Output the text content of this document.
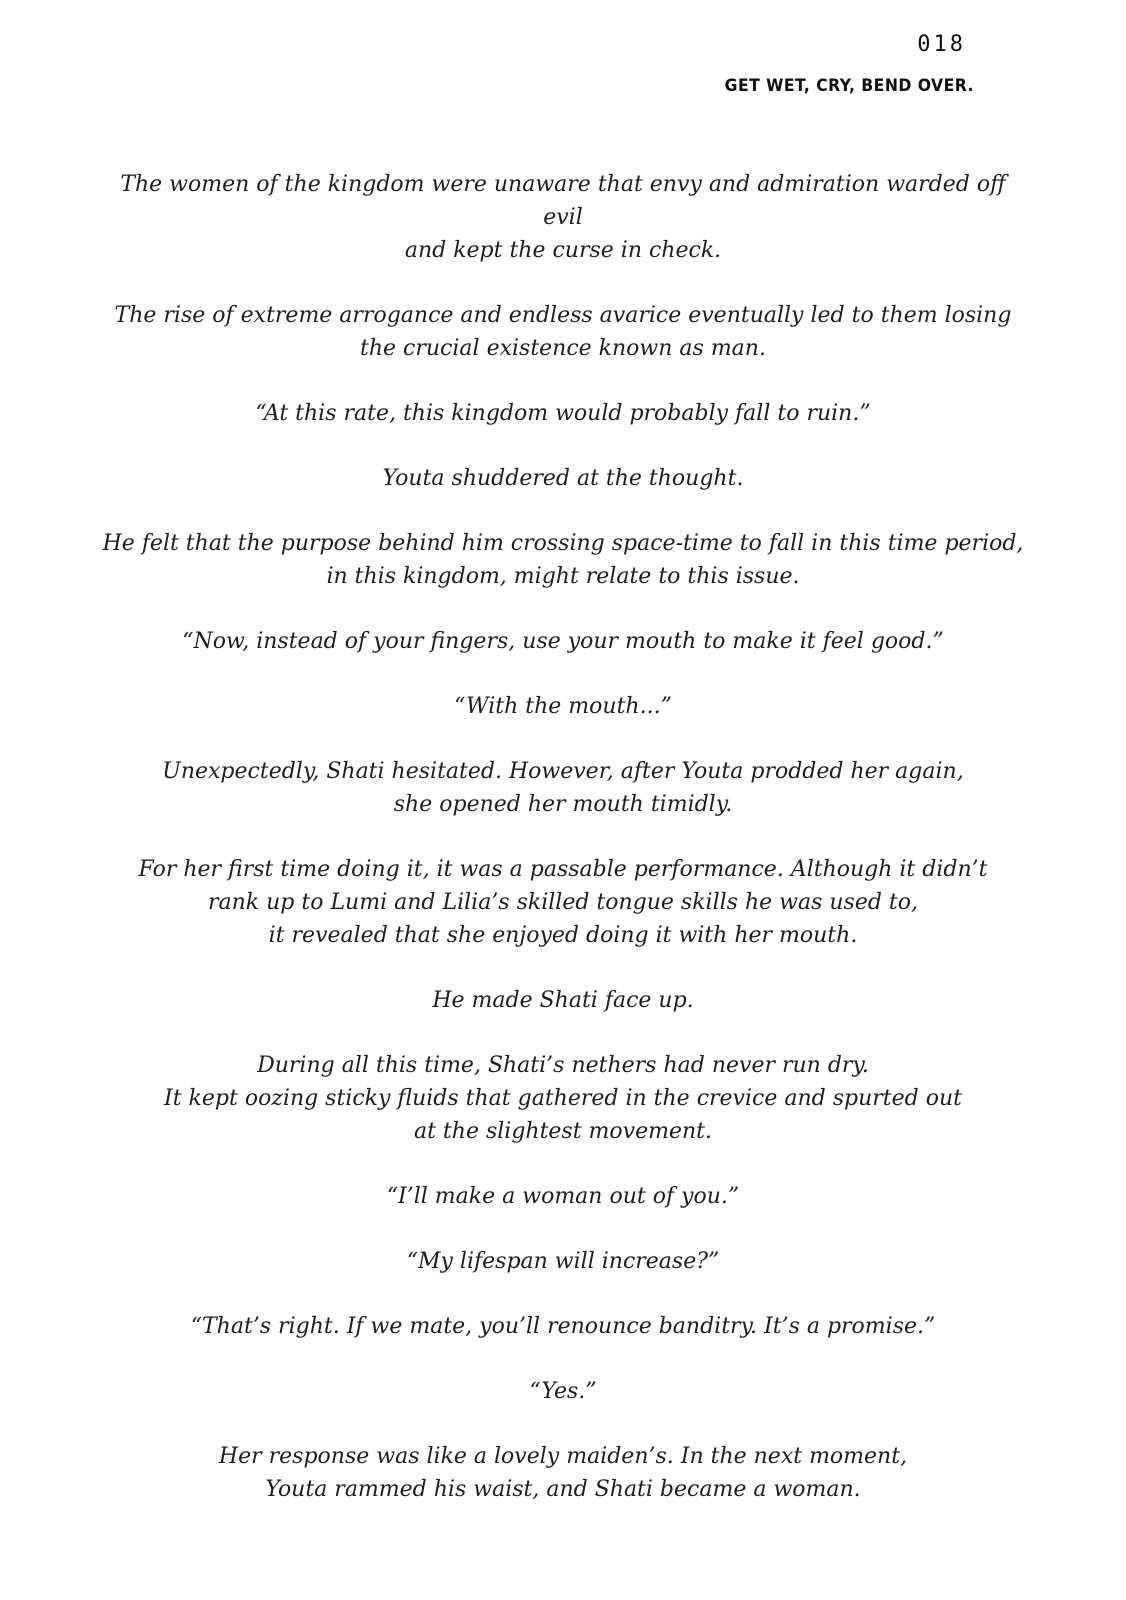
018
GET WET, CRY, BEND OVER.

The women of the kingdom were unaware that envy and admiration warded off evil
and kept the curse in check.

The rise of extreme arrogance and endless avarice eventually led to them losing
the crucial existence known as man.

“At this rate, this kingdom would probably fall to ruin.”

Youta shuddered at the thought.

He felt that the purpose behind him crossing space-time to fall in this time period,
in this kingdom, might relate to this issue.

“Now, instead of your fingers, use your mouth to make it feel good.”

“With the mouth...”

Unexpectedly, Shati hesitated. However, after Youta prodded her again,
she opened her mouth timidly.

For her first time doing it, it was a passable performance. Although it didn’t
rank up to Lumi and Lilia’s skilled tongue skills he was used to,
it revealed that she enjoyed doing it with her mouth.

He made Shati face up.

During all this time, Shati’s nethers had never run dry.
It kept oozing sticky fluids that gathered in the crevice and spurted out
at the slightest movement.

“I’ll make a woman out of you.”

“My lifespan will increase?”

“That’s right. If we mate, you’ll renounce banditry. It’s a promise.”

“Yes.”

Her response was like a lovely maiden’s. In the next moment,
Youta rammed his waist, and Shati became a woman.
